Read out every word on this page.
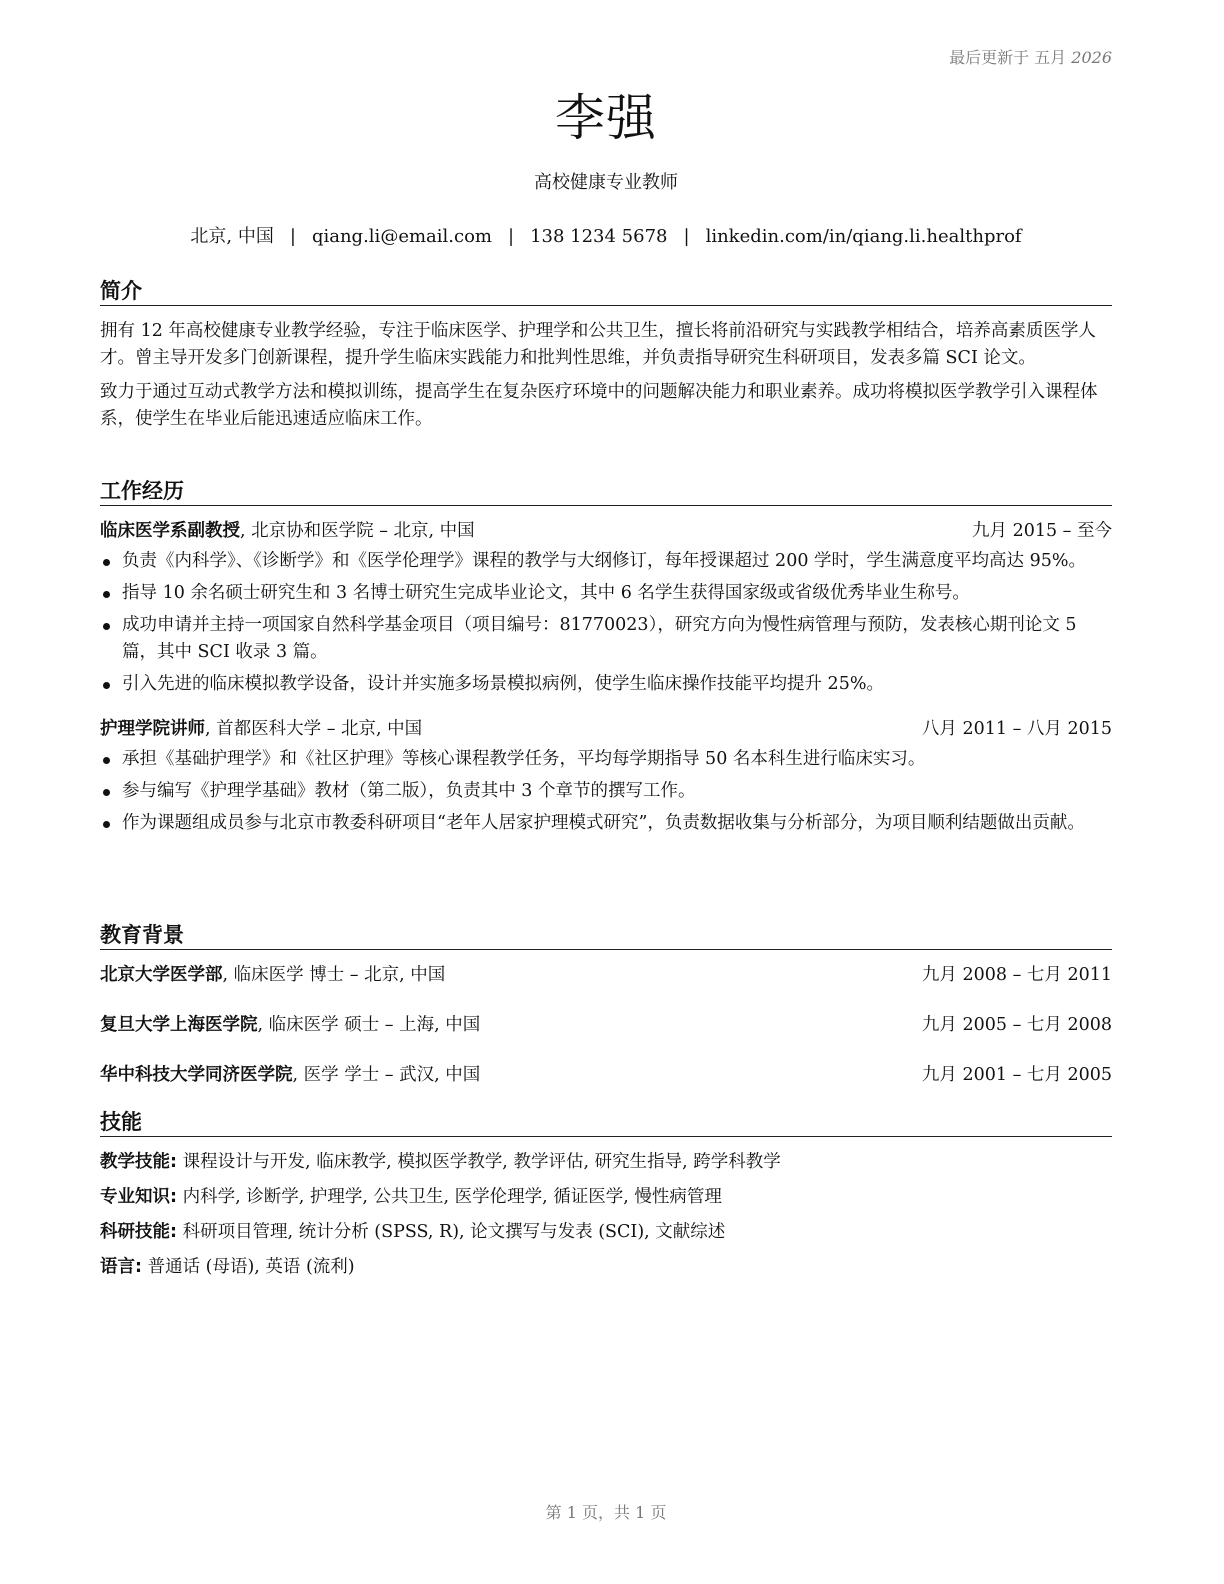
最后更新于 五月 2026
李强
高校健康专业教师
北京, 中国 | qiang.li@email.com | 138 1234 5678 | linkedin.com/in/qiang.li.healthprof
简介

拥有 12 年高校健康专业教学经验，专注于临床医学、护理学和公共卫生，擅长将前沿研究与实践教学相结合，培养高素质医学人才。曾主导开发多门创新课程，提升学生临床实践能力和批判性思维，并负责指导研究生科研项目，发表多篇 SCI 论文。

致力于通过互动式教学方法和模拟训练，提高学生在复杂医疗环境中的问题解决能力和职业素养。成功将模拟医学教学引入课程体系，使学生在毕业后能迅速适应临床工作。

工作经历
临床医学系副教授, 北京协和医学院 – 北京, 中国	九月 2015 – 至今
负责《内科学》、《诊断学》和《医学伦理学》课程的教学与大纲修订，每年授课超过 200 学时，学生满意度平均高达 95%。
指导 10 余名硕士研究生和 3 名博士研究生完成毕业论文，其中 6 名学生获得国家级或省级优秀毕业生称号。
成功申请并主持一项国家自然科学基金项目（项目编号：81770023），研究方向为慢性病管理与预防，发表核心期刊论文 5 篇，其中 SCI 收录 3 篇。
引入先进的临床模拟教学设备，设计并实施多场景模拟病例，使学生临床操作技能平均提升 25%。
护理学院讲师, 首都医科大学 – 北京, 中国	八月 2011 – 八月 2015
承担《基础护理学》和《社区护理》等核心课程教学任务，平均每学期指导 50 名本科生进行临床实习。
参与编写《护理学基础》教材（第二版），负责其中 3 个章节的撰写工作。
作为课题组成员参与北京市教委科研项目“老年人居家护理模式研究”，负责数据收集与分析部分，为项目顺利结题做出贡献。
教育背景
北京大学医学部, 临床医学 博士 – 北京, 中国	九月 2008 – 七月 2011
复旦大学上海医学院, 临床医学 硕士 – 上海, 中国	九月 2005 – 七月 2008
华中科技大学同济医学院, 医学 学士 – 武汉, 中国	九月 2001 – 七月 2005
技能
教学技能: 课程设计与开发, 临床教学, 模拟医学教学, 教学评估, 研究生指导, 跨学科教学
专业知识: 内科学, 诊断学, 护理学, 公共卫生, 医学伦理学, 循证医学, 慢性病管理
科研技能: 科研项目管理, 统计分析 (SPSS, R), 论文撰写与发表 (SCI), 文献综述
语言: 普通话 (母语), 英语 (流利)
第 1 页，共 1 页
